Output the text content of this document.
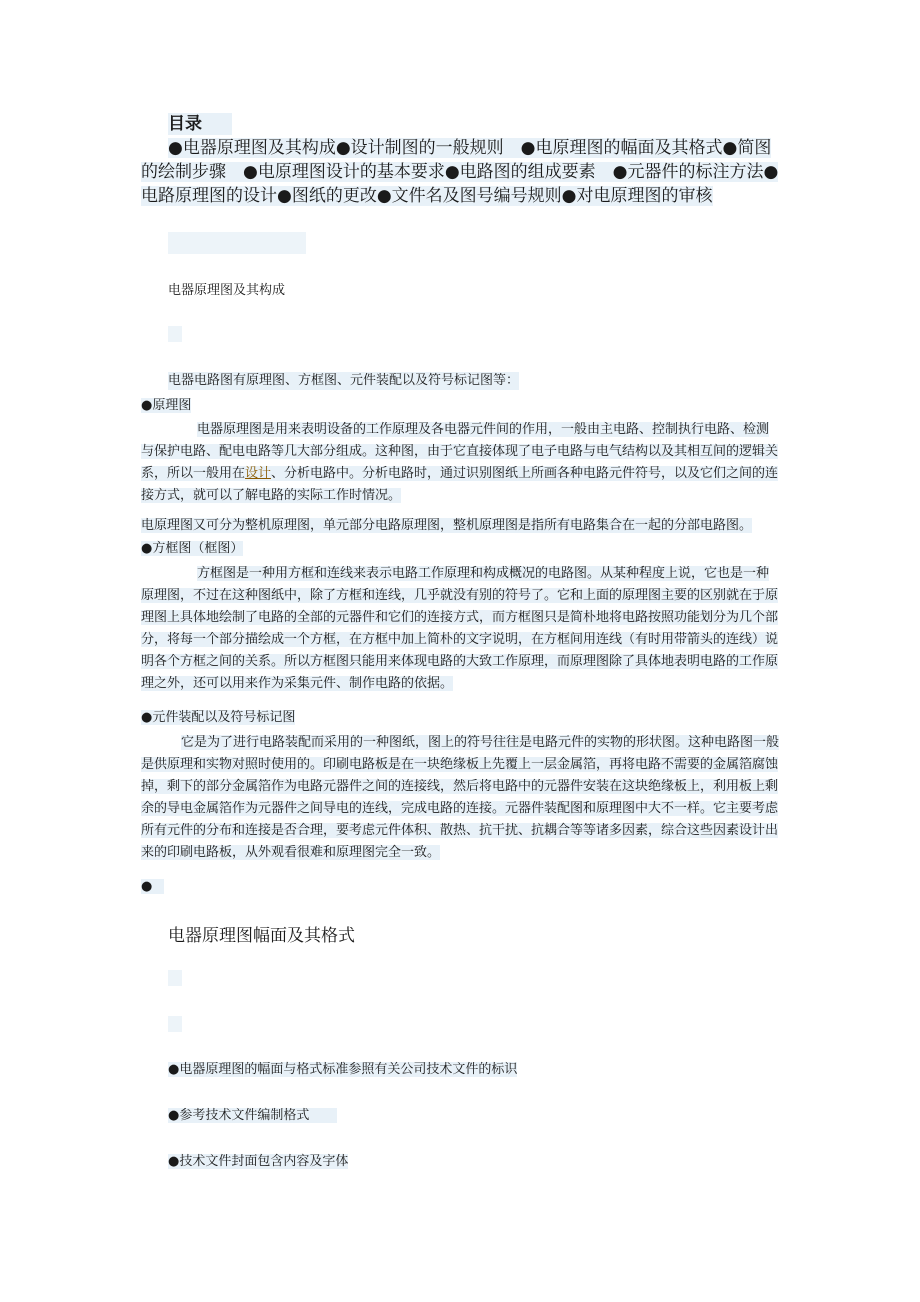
目录
●电器原理图及其构成●设计制图的一般规则　●电原理图的幅面及其格式●简图的绘制步骤　●电原理图设计的基本要求●电路图的组成要素　●元器件的标注方法●电路原理图的设计●图纸的更改●文件名及图号编号规则●对电原理图的审核
电器原理图及其构成
电器电路图有原理图、方框图、元件装配以及符号标记图等：
●原理图
电器原理图是用来表明设备的工作原理及各电器元件间的作用，一般由主电路、控制执行电路、检测与保护电路、配电电路等几大部分组成。这种图，由于它直接体现了电子电路与电气结构以及其相互间的逻辑关系，所以一般用在设计、分析电路中。分析电路时，通过识别图纸上所画各种电路元件符号，以及它们之间的连接方式，就可以了解电路的实际工作时情况。
电原理图又可分为整机原理图，单元部分电路原理图，整机原理图是指所有电路集合在一起的分部电路图。
●方框图（框图）
方框图是一种用方框和连线来表示电路工作原理和构成概况的电路图。从某种程度上说，它也是一种原理图，不过在这种图纸中，除了方框和连线，几乎就没有别的符号了。它和上面的原理图主要的区别就在于原理图上具体地绘制了电路的全部的元器件和它们的连接方式，而方框图只是简朴地将电路按照功能划分为几个部分，将每一个部分描绘成一个方框，在方框中加上简朴的文字说明，在方框间用连线（有时用带箭头的连线）说明各个方框之间的关系。所以方框图只能用来体现电路的大致工作原理，而原理图除了具体地表明电路的工作原理之外，还可以用来作为采集元件、制作电路的依据。
●元件装配以及符号标记图
它是为了进行电路装配而采用的一种图纸，图上的符号往往是电路元件的实物的形状图。这种电路图一般是供原理和实物对照时使用的。印刷电路板是在一块绝缘板上先覆上一层金属箔，再将电路不需要的金属箔腐蚀掉，剩下的部分金属箔作为电路元器件之间的连接线，然后将电路中的元器件安装在这块绝缘板上，利用板上剩余的导电金属箔作为元器件之间导电的连线，完成电路的连接。元器件装配图和原理图中大不一样。它主要考虑所有元件的分布和连接是否合理，要考虑元件体积、散热、抗干扰、抗耦合等等诸多因素，综合这些因素设计出来的印刷电路板，从外观看很难和原理图完全一致。
●
电器原理图幅面及其格式
●电器原理图的幅面与格式标准参照有关公司技术文件的标识
●参考技术文件编制格式
●技术文件封面包含内容及字体
